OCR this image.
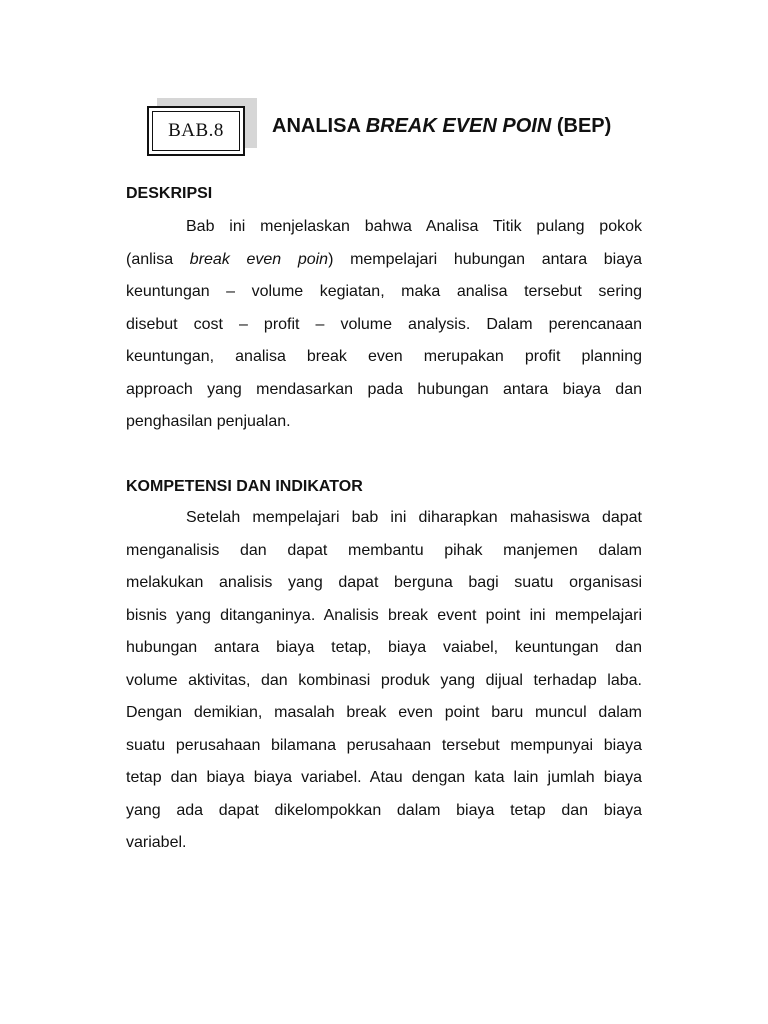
BAB.8 ANALISA BREAK EVEN POIN (BEP)
DESKRIPSI
Bab ini menjelaskan bahwa Analisa Titik pulang pokok
(anlisa break even poin) mempelajari hubungan antara biaya
keuntungan – volume kegiatan, maka analisa tersebut sering
disebut cost – profit – volume analysis. Dalam perencanaan
keuntungan, analisa break even merupakan profit planning
approach yang mendasarkan pada hubungan antara biaya dan
penghasilan penjualan.
KOMPETENSI DAN INDIKATOR
Setelah mempelajari bab ini diharapkan mahasiswa dapat
menganalisis dan dapat membantu pihak manjemen dalam
melakukan analisis yang dapat berguna bagi suatu organisasi
bisnis yang ditanganinya. Analisis break event point ini mempelajari
hubungan antara biaya tetap, biaya vaiabel, keuntungan dan
volume aktivitas, dan kombinasi produk yang dijual terhadap laba.
Dengan demikian, masalah break even point baru muncul dalam
suatu perusahaan bilamana perusahaan tersebut mempunyai biaya
tetap dan biaya biaya variabel. Atau dengan kata lain jumlah biaya
yang ada dapat dikelompokkan dalam biaya tetap dan biaya
variabel.
